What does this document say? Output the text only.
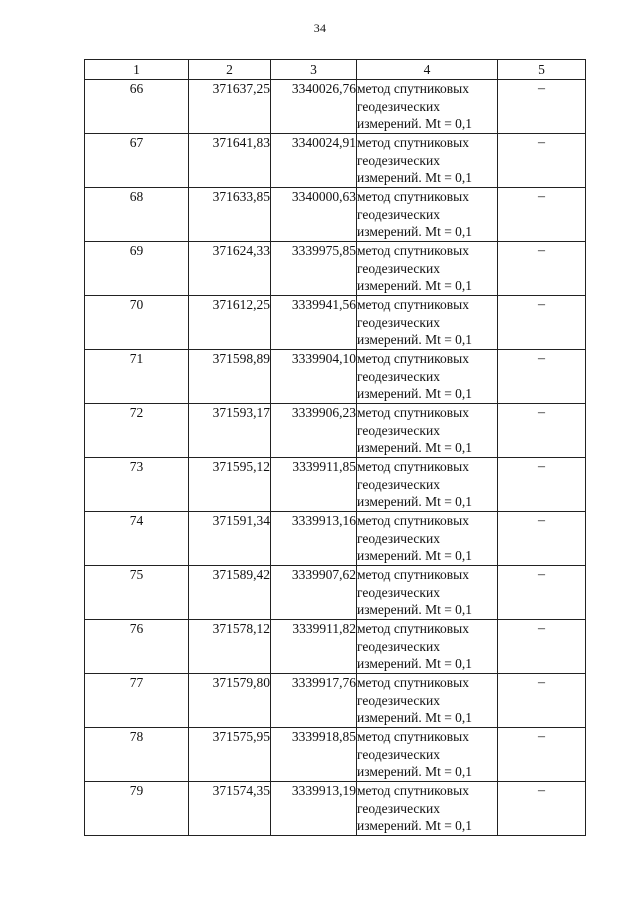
34
1	2	3	4	5
66	371637,25	3340026,76	метод спутниковых
геодезических
измерений. Mt = 0,1	–
67	371641,83	3340024,91	метод спутниковых
геодезических
измерений. Mt = 0,1	–
68	371633,85	3340000,63	метод спутниковых
геодезических
измерений. Mt = 0,1	–
69	371624,33	3339975,85	метод спутниковых
геодезических
измерений. Mt = 0,1	–
70	371612,25	3339941,56	метод спутниковых
геодезических
измерений. Mt = 0,1	–
71	371598,89	3339904,10	метод спутниковых
геодезических
измерений. Mt = 0,1	–
72	371593,17	3339906,23	метод спутниковых
геодезических
измерений. Mt = 0,1	–
73	371595,12	3339911,85	метод спутниковых
геодезических
измерений. Mt = 0,1	–
74	371591,34	3339913,16	метод спутниковых
геодезических
измерений. Mt = 0,1	–
75	371589,42	3339907,62	метод спутниковых
геодезических
измерений. Mt = 0,1	–
76	371578,12	3339911,82	метод спутниковых
геодезических
измерений. Mt = 0,1	–
77	371579,80	3339917,76	метод спутниковых
геодезических
измерений. Mt = 0,1	–
78	371575,95	3339918,85	метод спутниковых
геодезических
измерений. Mt = 0,1	–
79	371574,35	3339913,19	метод спутниковых
геодезических
измерений. Mt = 0,1	–
